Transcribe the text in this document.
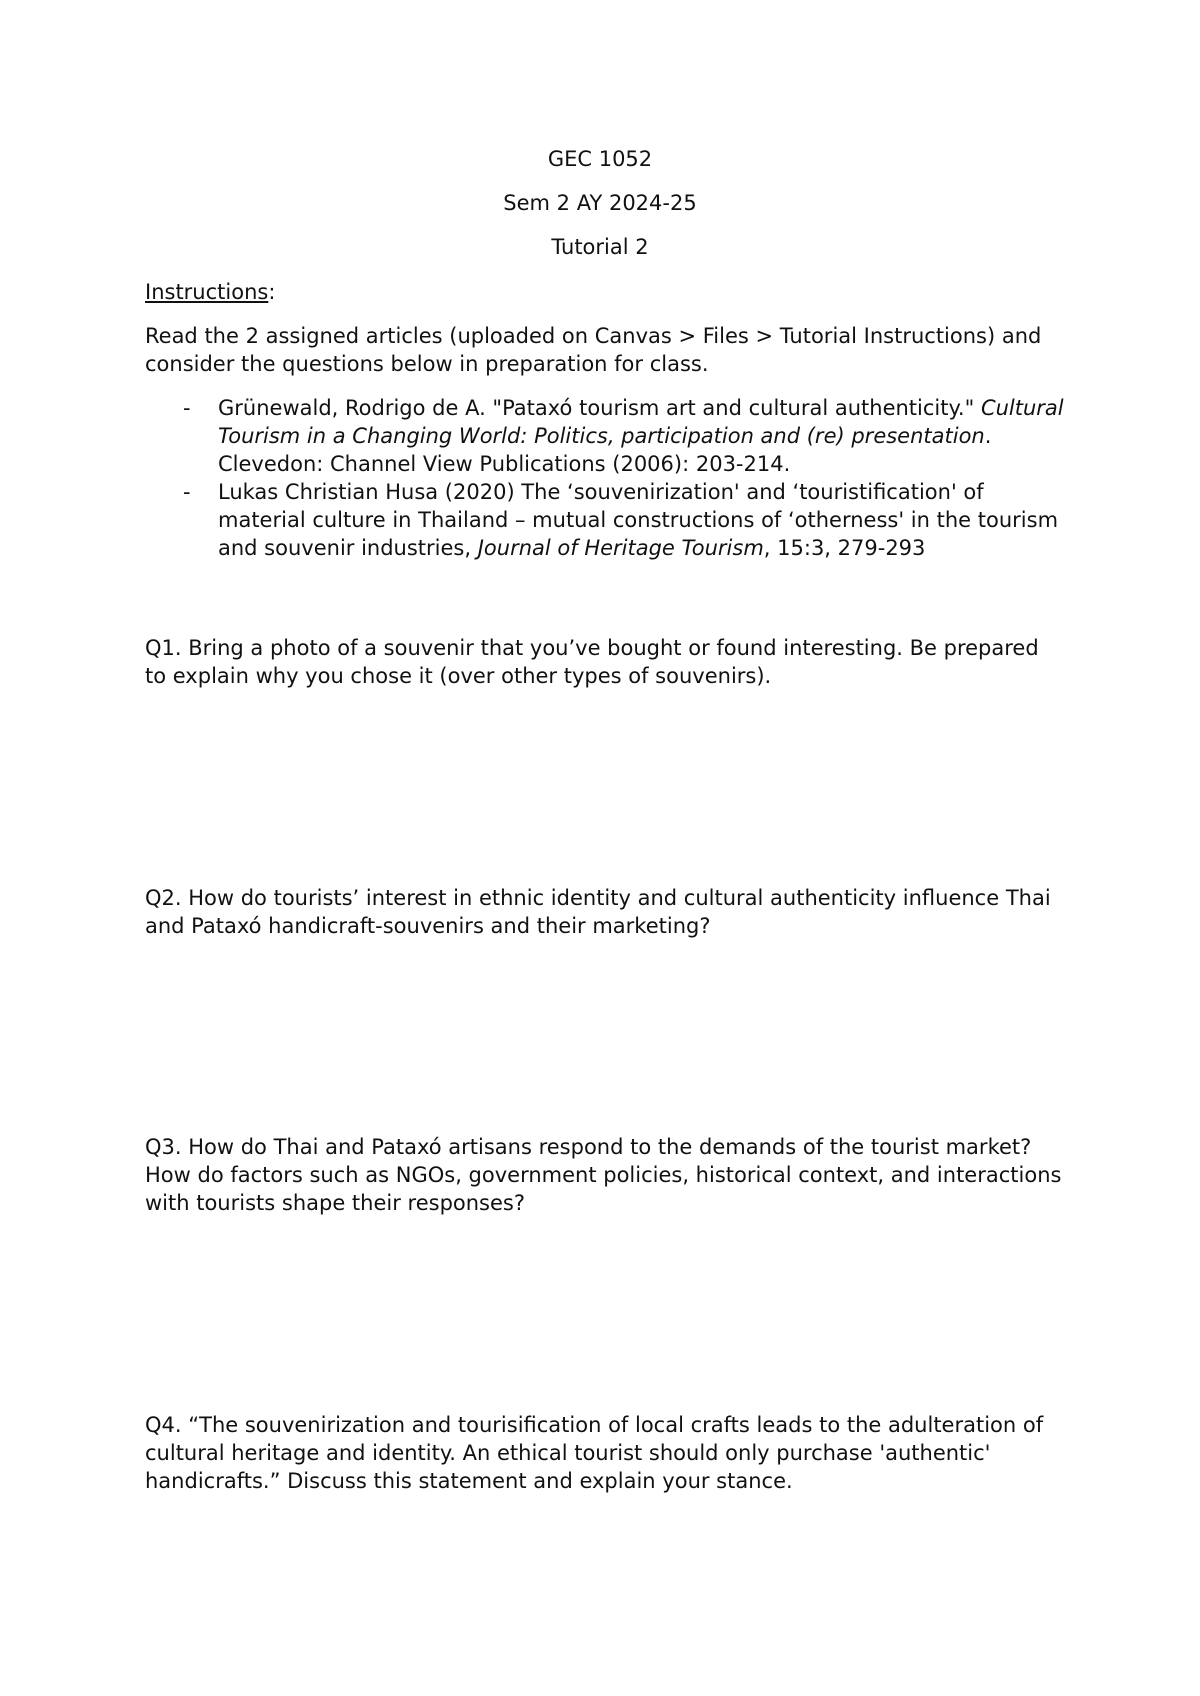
GEC 1052
Sem 2 AY 2024-25
Tutorial 2
Instructions:
Read the 2 assigned articles (uploaded on Canvas > Files > Tutorial Instructions) and consider the questions below in preparation for class.
- Grünewald, Rodrigo de A. "Pataxó tourism art and cultural authenticity." Cultural Tourism in a Changing World: Politics, participation and (re) presentation. Clevedon: Channel View Publications (2006): 203-214.
- Lukas Christian Husa (2020) The ‘souvenirization' and ‘touristification' of material culture in Thailand – mutual constructions of ‘otherness' in the tourism and souvenir industries, Journal of Heritage Tourism, 15:3, 279-293
Q1. Bring a photo of a souvenir that you’ve bought or found interesting. Be prepared to explain why you chose it (over other types of souvenirs).
Q2. How do tourists’ interest in ethnic identity and cultural authenticity influence Thai and Pataxó handicraft-souvenirs and their marketing?
Q3. How do Thai and Pataxó artisans respond to the demands of the tourist market? How do factors such as NGOs, government policies, historical context, and interactions with tourists shape their responses?
Q4. “The souvenirization and tourisification of local crafts leads to the adulteration of cultural heritage and identity. An ethical tourist should only purchase 'authentic' handicrafts.” Discuss this statement and explain your stance.
